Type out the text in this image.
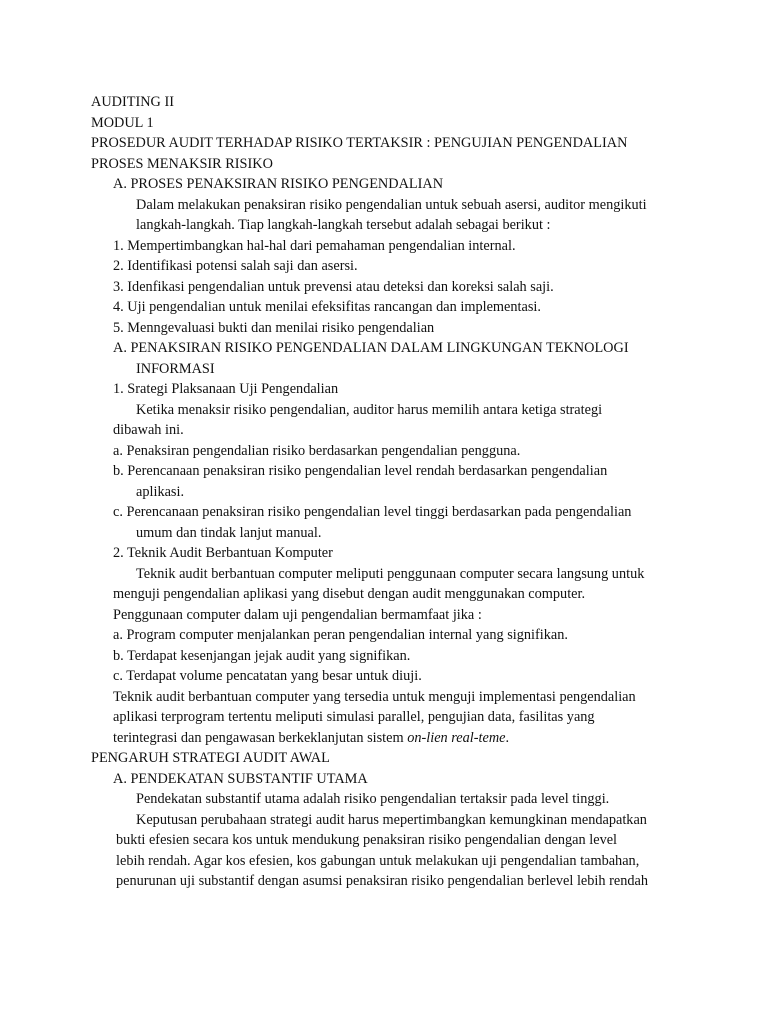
AUDITING II

MODUL 1

PROSEDUR AUDIT TERHADAP RISIKO TERTAKSIR : PENGUJIAN PENGENDALIAN

PROSES MENAKSIR RISIKO

A. PROSES PENAKSIRAN RISIKO PENGENDALIAN

Dalam melakukan penaksiran risiko pengendalian untuk sebuah asersi, auditor mengikuti

langkah-langkah. Tiap langkah-langkah tersebut adalah sebagai berikut :

1. Mempertimbangkan hal-hal dari pemahaman pengendalian internal.

2. Identifikasi potensi salah saji dan asersi.

3. Idenfikasi pengendalian untuk prevensi atau deteksi dan koreksi salah saji.

4. Uji pengendalian untuk menilai efeksifitas rancangan dan implementasi.

5. Menngevaluasi bukti dan menilai risiko pengendalian

A. PENAKSIRAN RISIKO PENGENDALIAN DALAM LINGKUNGAN TEKNOLOGI

INFORMASI

1. Srategi Plaksanaan Uji Pengendalian

Ketika menaksir risiko pengendalian, auditor harus memilih antara ketiga strategi

dibawah ini.

a. Penaksiran pengendalian risiko berdasarkan pengendalian pengguna.

b. Perencanaan penaksiran risiko pengendalian level rendah berdasarkan pengendalian

aplikasi.

c. Perencanaan penaksiran risiko pengendalian level tinggi berdasarkan pada pengendalian

umum dan tindak lanjut manual.

2. Teknik Audit Berbantuan Komputer

Teknik audit berbantuan computer meliputi penggunaan computer secara langsung untuk

menguji pengendalian aplikasi yang disebut dengan audit menggunakan computer.

Penggunaan computer dalam uji pengendalian bermamfaat jika :

a. Program computer menjalankan peran pengendalian internal yang signifikan.

b. Terdapat kesenjangan jejak audit yang signifikan.

c. Terdapat volume pencatatan yang besar untuk diuji.

Teknik audit berbantuan computer yang tersedia untuk menguji implementasi pengendalian

aplikasi terprogram tertentu meliputi simulasi parallel, pengujian data, fasilitas yang

terintegrasi dan pengawasan berkeklanjutan sistem on-lien real-teme.

PENGARUH STRATEGI AUDIT AWAL

A. PENDEKATAN SUBSTANTIF UTAMA

Pendekatan substantif utama adalah risiko pengendalian tertaksir pada level tinggi.

Keputusan perubahaan strategi audit harus mepertimbangkan kemungkinan mendapatkan

bukti efesien secara kos untuk mendukung penaksiran risiko pengendalian dengan level

lebih rendah. Agar kos efesien, kos gabungan untuk melakukan uji pengendalian tambahan,

penurunan uji substantif dengan asumsi penaksiran risiko pengendalian berlevel lebih rendah
